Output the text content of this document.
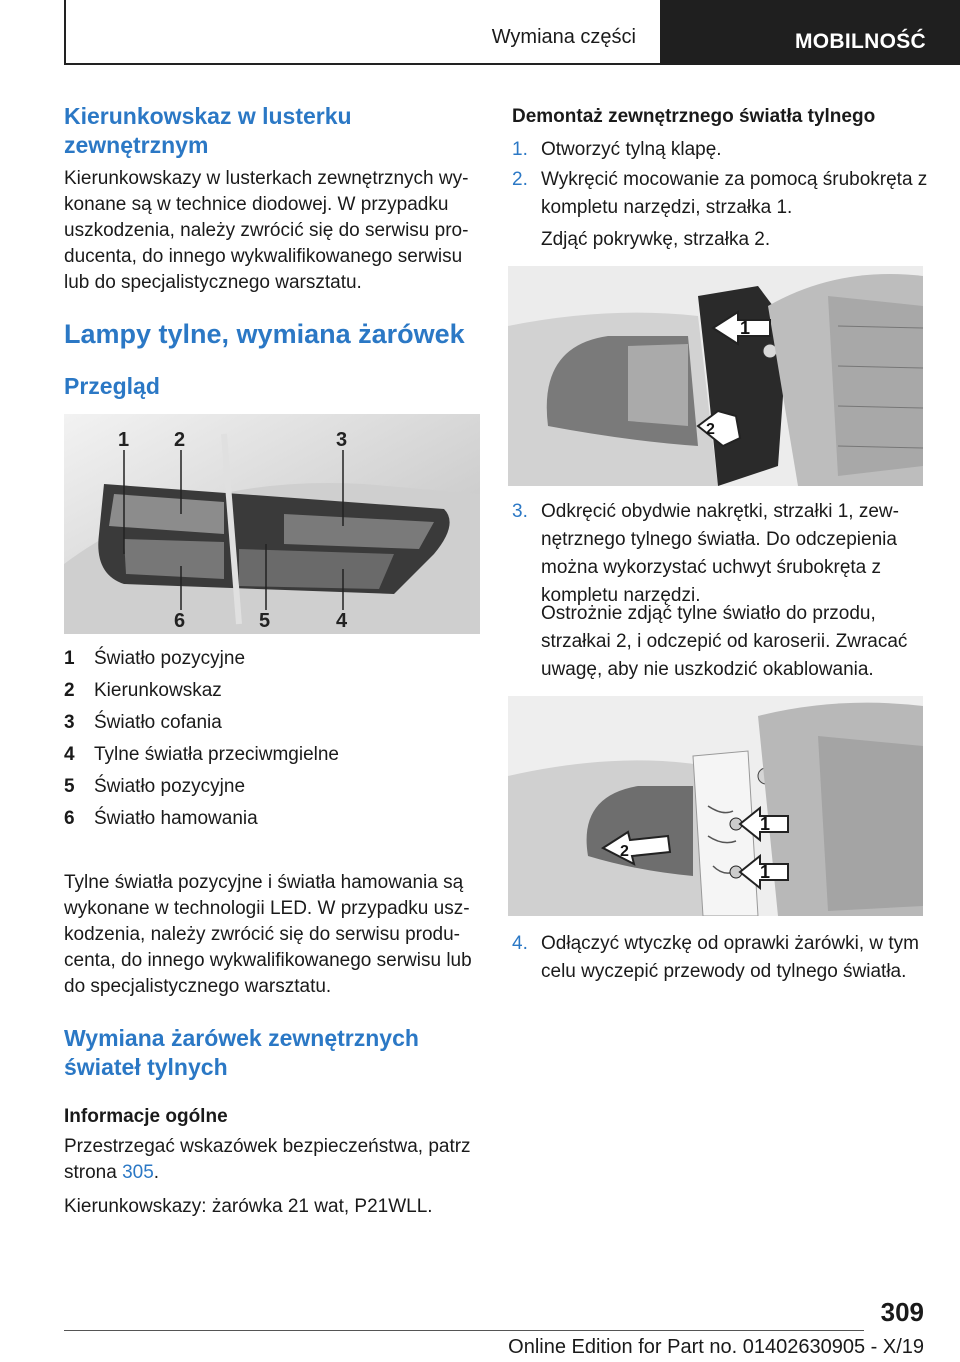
Wymiana części	MOBILNOŚĆ
Kierunkowskaz w lusterku zewnętrznym

Kierunkowskazy w lusterkach zewnętrznych wy-konane są w technice diodowej. W przypadku uszkodzenia, należy zwrócić się do serwisu pro-ducenta, do innego wykwalifikowanego serwisu lub do specjalistycznego warsztatu.

Lampy tylne, wymiana żarówek
Przegląd
1 2	3
4
5
6
1	Światło pozycyjne
2	Kierunkowskaz
3	Światło cofania
4	Tylne światła przeciwmgielne
5	Światło pozycyjne
6	Światło hamowania

Tylne światła pozycyjne i światła hamowania są wykonane w technologii LED. W przypadku usz-kodzenia, należy zwrócić się do serwisu produ-centa, do innego wykwalifikowanego serwisu lub do specjalistycznego warsztatu.

Wymiana żarówek zewnętrznych świateł tylnych

Informacje ogólne

Przestrzegać wskazówek bezpieczeństwa, patrz strona 305.

Kierunkowskazy: żarówka 21 wat, P21WLL.

Demontaż zewnętrznego światła tylnego

1. Otworzyć tylną klapę.
2. Wykręcić mocowanie za pomocą śrubokręta z kompletu narzędzi, strzałka 1.
Zdjąć pokrywkę, strzałka 2.
1
2
3. Odkręcić obydwie nakrętki, strzałki 1, zew-nętrznego tylnego światła. Do odczepienia można wykorzystać uchwyt śrubokręta z kompletu narzędzi.
Ostrożnie zdjąć tylne światło do przodu, strzałkai 2, i odczepić od karoserii. Zwracać uwagę, aby nie uszkodzić okablowania.
1
1
2
4. Odłączyć wtyczkę od oprawki żarówki, w tym celu wyczepić przewody od tylnego światła.
309
Online Edition for Part no. 01402630905 - X/19
